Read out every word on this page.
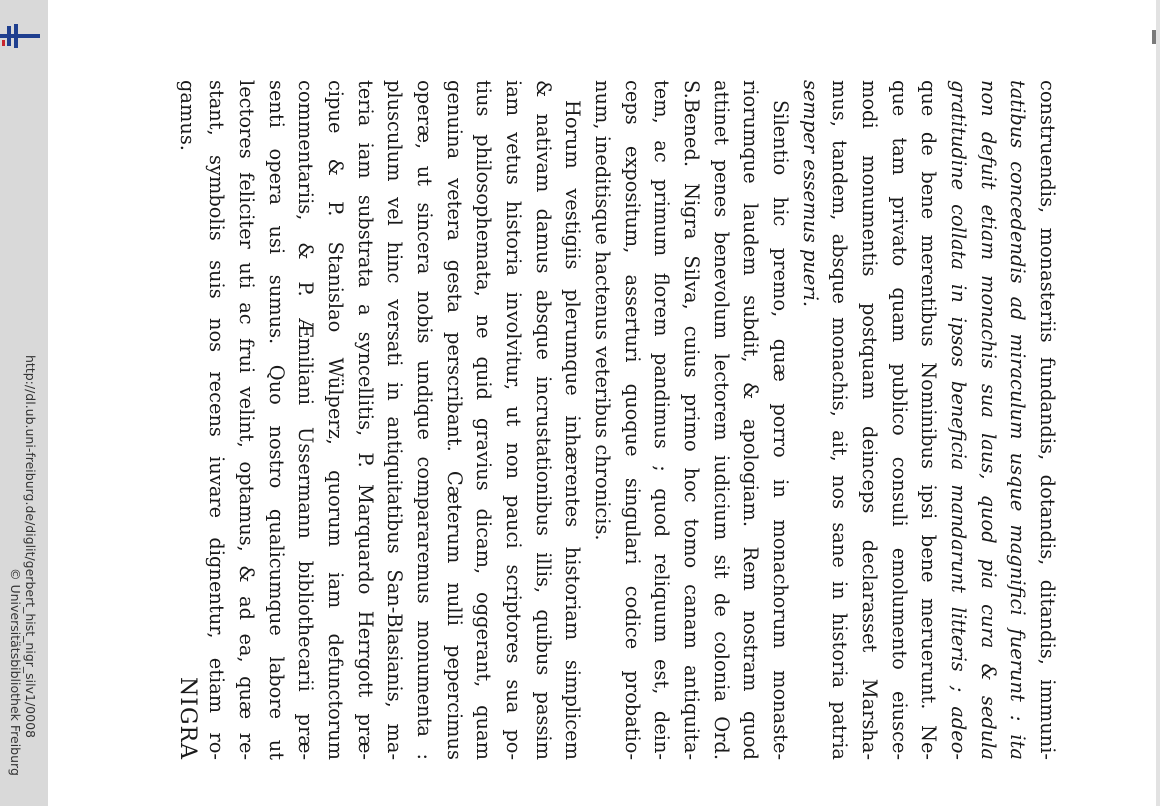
http://dl.ub.uni-freiburg.de/diglit/gerbert_hist_nigr_silv1/0008
© Universitätsbibliothek Freiburg	construendis, monasteriis fundandis, dotandis, ditandis, immuni-
tatibus concedendis ad miraculum usque magnifici fuerunt : ita
non defuit etiam monachis sua laus, quod pia cura & sedula
gratitudine collata in ipsos beneficia mandarunt litteris ; adeo-
que de bene merentibus Nominibus ipsi bene meruerunt. Ne-
que tam privato quam publico consuli emolumento eiusce-
modi monumentis postquam deinceps declarasset Marsha-
mus, tandem, absque monachis, ait, nos sane in historia patria
semper essemus pueri.
Silentio hic premo, quæ porro in monachorum monaste-
riorumque laudem subdit, & apologiam. Rem nostram quod
attinet penes benevolum lectorem iudicium sit de colonia Ord.
S.Bened. Nigra Silva, cuius primo hoc tomo canam antiquita-
tem, ac primum florem pandimus ; quod reliquum est, dein-
ceps expositum, asserturi quoque singulari codice probatio-
num, ineditisque hactenus veteribus chronicis.
Horum vestigiis plerumque inhærentes historiam simplicem
& nativam damus absque incrustationibus illis, quibus passim
iam vetus historia involvitur, ut non pauci scriptores sua po-
tius philosophemata, ne quid gravius dicam, oggerant, quam
genuina vetera gesta perscribant. Cæterum nulli pepercimus
operæ, ut sincera nobis undique compararemus monumenta :
plusculum vel hinc versati in antiquitatibus San-Blasianis, ma-
teria iam substrata a syncellitis, P. Marquardo Herrgott præ-
cipue & P. Stanislao Wülperz, quorum iam defunctorum
commentariis, & P. Æmiliani Ussermann bibliothecarii præ-
senti opera usi sumus. Quo nostro qualicumque labore ut
lectores feliciter uti ac frui velint, optamus, & ad ea, quæ re-
stant, symbolis suis nos recens iuvare dignentur, etiam ro-
gamus.
NIGRA
